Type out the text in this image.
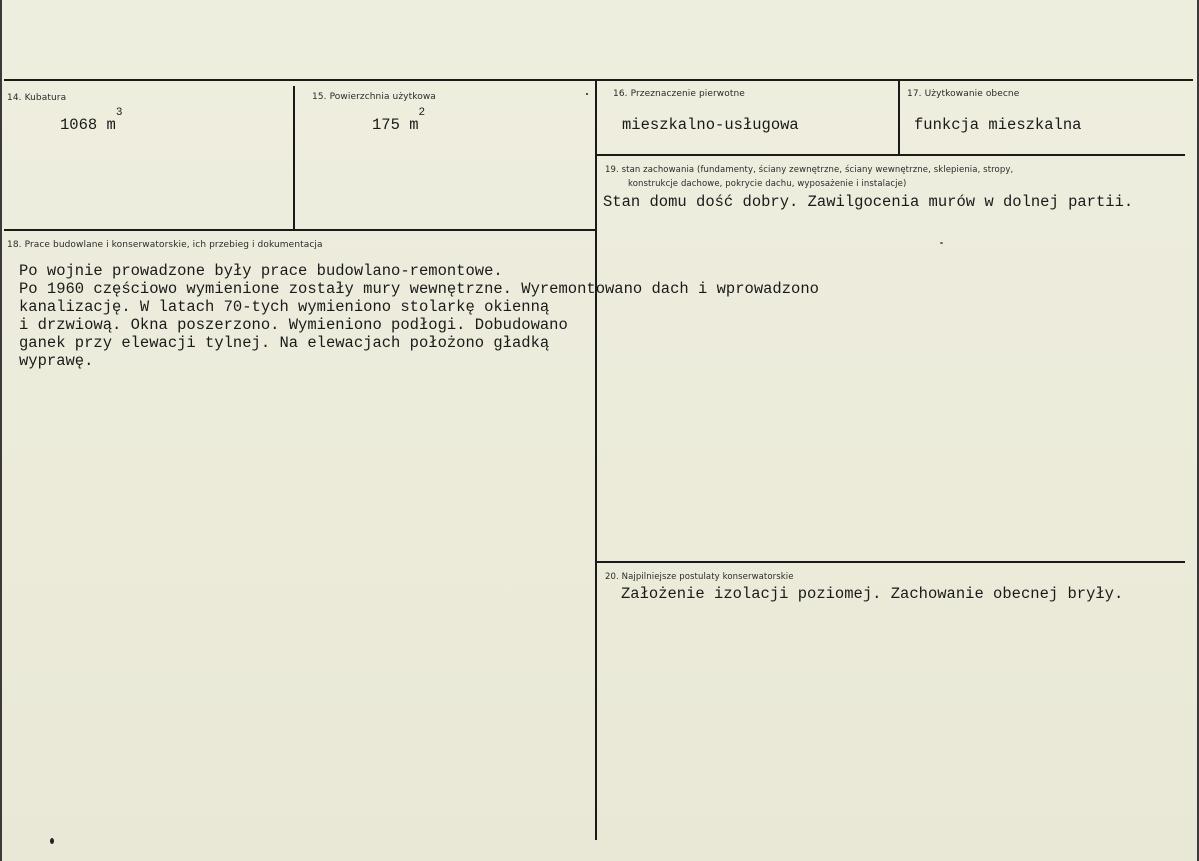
14. Kubatura
1068 $m^3$
15. Powierzchnia użytkowa
175 $m^2$
16. Przeznaczenie pierwotne
mieszkalno-usługowa
17. Użytkowanie obecne
funkcja mieszkalna
19. stan zachowania (fundamenty, ściany zewnętrzne, ściany wewnętrzne, sklepienia, stropy,
konstrukcje dachowe, pokrycie dachu, wyposażenie i instalacje)
Stan domu dość dobry. Zawilgocenia murów w dolnej partii.
18. Prace budowlane i konserwatorskie, ich przebieg i dokumentacja
Po wojnie prowadzone były prace budowlano-remontowe.
Po 1960 częściowo wymienione zostały mury wewnętrzne. Wyremontowano dach i wprowadzono
kanalizację. W latach 70-tych wymieniono stolarkę okienną
i drzwiową. Okna poszerzono. Wymieniono podłogi. Dobudowano
ganek przy elewacji tylnej. Na elewacjach położono gładką
wyprawę.
20. Najpilniejsze postulaty konserwatorskie
Założenie izolacji poziomej. Zachowanie obecnej bryły.
